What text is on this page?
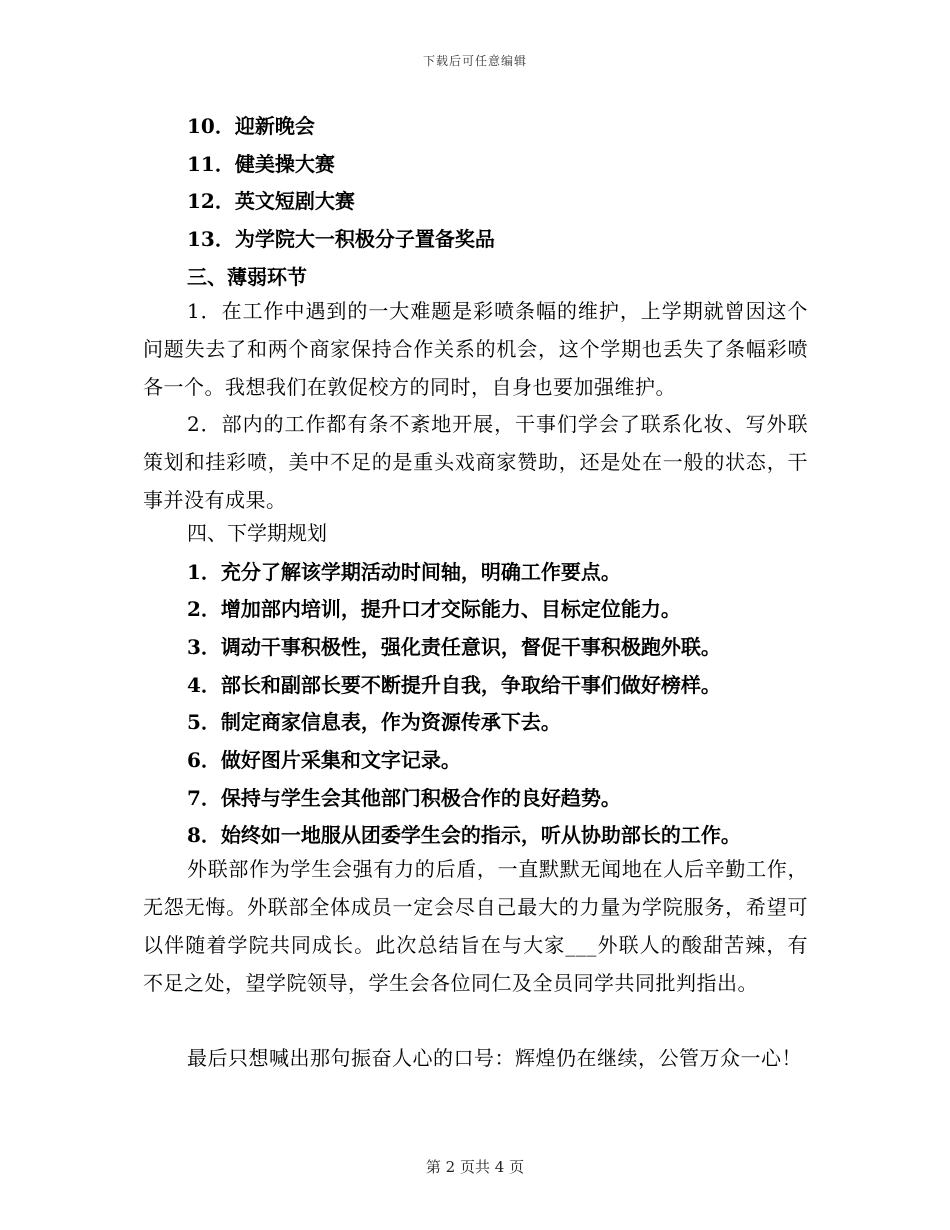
下载后可任意编辑
10．迎新晚会
11．健美操大赛
12．英文短剧大赛
13．为学院大一积极分子置备奖品
三、薄弱环节
1．在工作中遇到的一大难题是彩喷条幅的维护，上学期就曾因这个问题失去了和两个商家保持合作关系的机会，这个学期也丢失了条幅彩喷各一个。我想我们在敦促校方的同时，自身也要加强维护。
2．部内的工作都有条不紊地开展，干事们学会了联系化妆、写外联策划和挂彩喷，美中不足的是重头戏商家赞助，还是处在一般的状态，干事并没有成果。
四、下学期规划
1．充分了解该学期活动时间轴，明确工作要点。
2．增加部内培训，提升口才交际能力、目标定位能力。
3．调动干事积极性，强化责任意识，督促干事积极跑外联。
4．部长和副部长要不断提升自我，争取给干事们做好榜样。
5．制定商家信息表，作为资源传承下去。
6．做好图片采集和文字记录。
7．保持与学生会其他部门积极合作的良好趋势。
8．始终如一地服从团委学生会的指示，听从协助部长的工作。
外联部作为学生会强有力的后盾，一直默默无闻地在人后辛勤工作，无怨无悔。外联部全体成员一定会尽自己最大的力量为学院服务，希望可以伴随着学院共同成长。此次总结旨在与大家___外联人的酸甜苦辣，有不足之处，望学院领导，学生会各位同仁及全员同学共同批判指出。
最后只想喊出那句振奋人心的口号：辉煌仍在继续，公管万众一心！
第 2 页共 4 页
